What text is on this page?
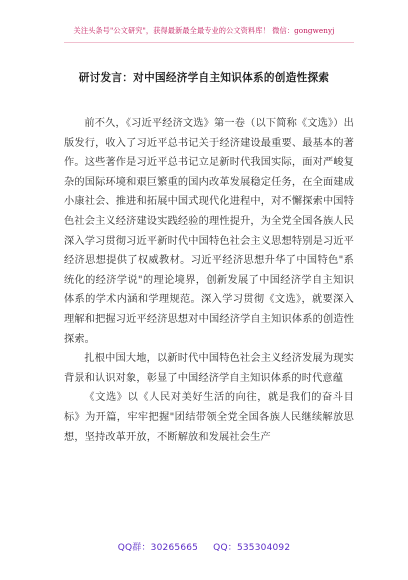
关注头条号"公文研究"，获得最新最全最专业的公文资料库！ 微信：gongwenyj
研讨发言：对中国经济学自主知识体系的创造性探索

前不久，《习近平经济文选》第一卷（以下简称《文选》）出版发行，收入了习近平总书记关于经济建设最重要、最基本的著作。这些著作是习近平总书记立足新时代我国实际，面对严峻复杂的国际环境和艰巨繁重的国内改革发展稳定任务，在全面建成小康社会、推进和拓展中国式现代化进程中，对不懈探索中国特色社会主义经济建设实践经验的理性提升，为全党全国各族人民深入学习贯彻习近平新时代中国特色社会主义思想特别是习近平经济思想提供了权威教材。习近平经济思想升华了中国特色"系统化的经济学说"的理论境界，创新发展了中国经济学自主知识体系的学术内涵和学理规范。深入学习贯彻《文选》，就要深入理解和把握习近平经济思想对中国经济学自主知识体系的创造性探索。

扎根中国大地，以新时代中国特色社会主义经济发展为现实背景和认识对象，彰显了中国经济学自主知识体系的时代意蕴

《文选》以《人民对美好生活的向往，就是我们的奋斗目标》为开篇，牢牢把握"团结带领全党全国各族人民继续解放思想，坚持改革开放，不断解放和发展社会生产

QQ群：30265665 QQ：535304092
